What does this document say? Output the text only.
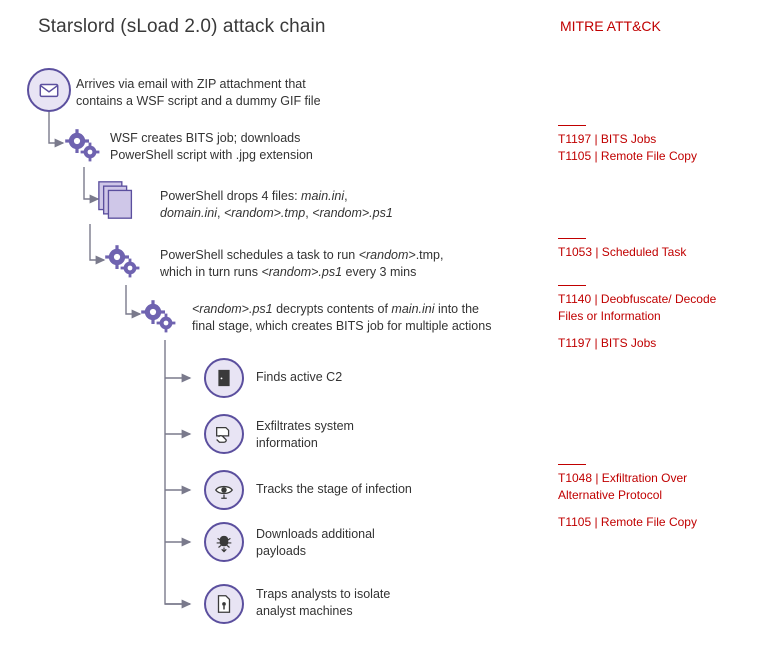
Starslord (sLoad 2.0) attack chain	MITRE ATT&CK
Arrives via email with ZIP attachment that
contains a WSF script and a dummy GIF file
WSF creates BITS job; downloads
PowerShell script with .jpg extension
PowerShell drops 4 files: main.ini,
domain.ini, <random>.tmp, <random>.ps1
PowerShell schedules a task to run <random>.tmp,
which in turn runs <random>.ps1 every 3 mins
<random>.ps1 decrypts contents of main.ini into the
final stage, which creates BITS job for multiple actions
Finds active C2
Exfiltrates system
information
Tracks the stage of infection
Downloads additional
payloads
Traps analysts to isolate
analyst machines
T1197 | BITS Jobs
T1105 | Remote File Copy
T1053 | Scheduled Task
T1140 | Deobfuscate/ Decode
Files or Information
T1197 | BITS Jobs
T1048 | Exfiltration Over
Alternative Protocol
T1105 | Remote File Copy
